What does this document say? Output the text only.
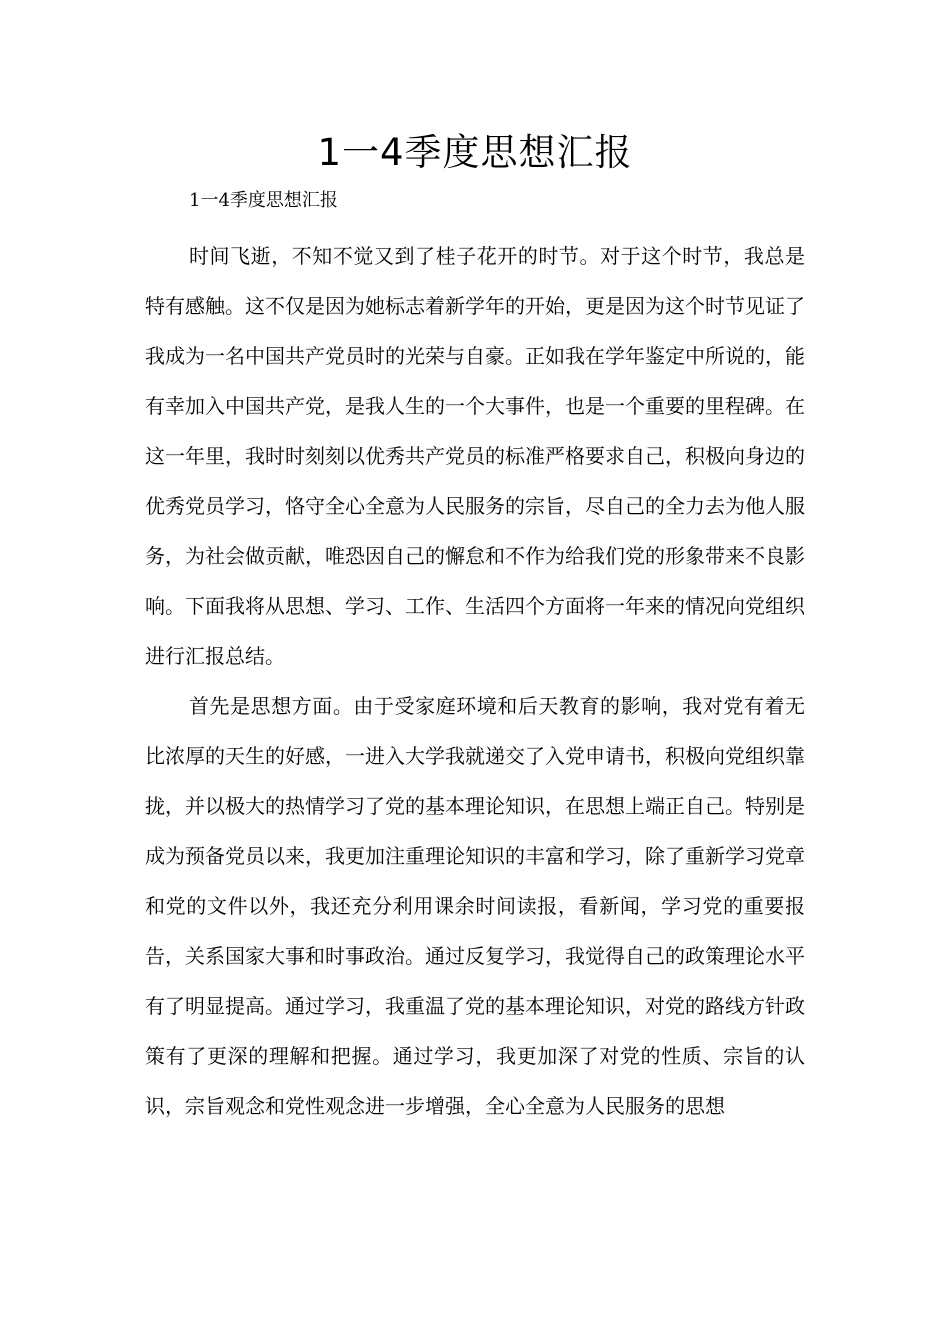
1一4季度思想汇报

1一4季度思想汇报

时间飞逝，不知不觉又到了桂子花开的时节。对于这个时节，我总是特有感触。这不仅是因为她标志着新学年的开始，更是因为这个时节见证了我成为一名中国共产党员时的光荣与自豪。正如我在学年鉴定中所说的，能有幸加入中国共产党，是我人生的一个大事件，也是一个重要的里程碑。在这一年里，我时时刻刻以优秀共产党员的标准严格要求自己，积极向身边的优秀党员学习，恪守全心全意为人民服务的宗旨，尽自己的全力去为他人服务，为社会做贡献，唯恐因自己的懈怠和不作为给我们党的形象带来不良影响。下面我将从思想、学习、工作、生活四个方面将一年来的情况向党组织进行汇报总结。

首先是思想方面。由于受家庭环境和后天教育的影响，我对党有着无比浓厚的天生的好感，一进入大学我就递交了入党申请书，积极向党组织靠拢，并以极大的热情学习了党的基本理论知识，在思想上端正自己。特别是成为预备党员以来，我更加注重理论知识的丰富和学习，除了重新学习党章和党的文件以外，我还充分利用课余时间读报，看新闻，学习党的重要报告，关系国家大事和时事政治。通过反复学习，我觉得自己的政策理论水平有了明显提高。通过学习，我重温了党的基本理论知识，对党的路线方针政策有了更深的理解和把握。通过学习，我更加深了对党的性质、宗旨的认识，宗旨观念和党性观念进一步增强，全心全意为人民服务的思想
